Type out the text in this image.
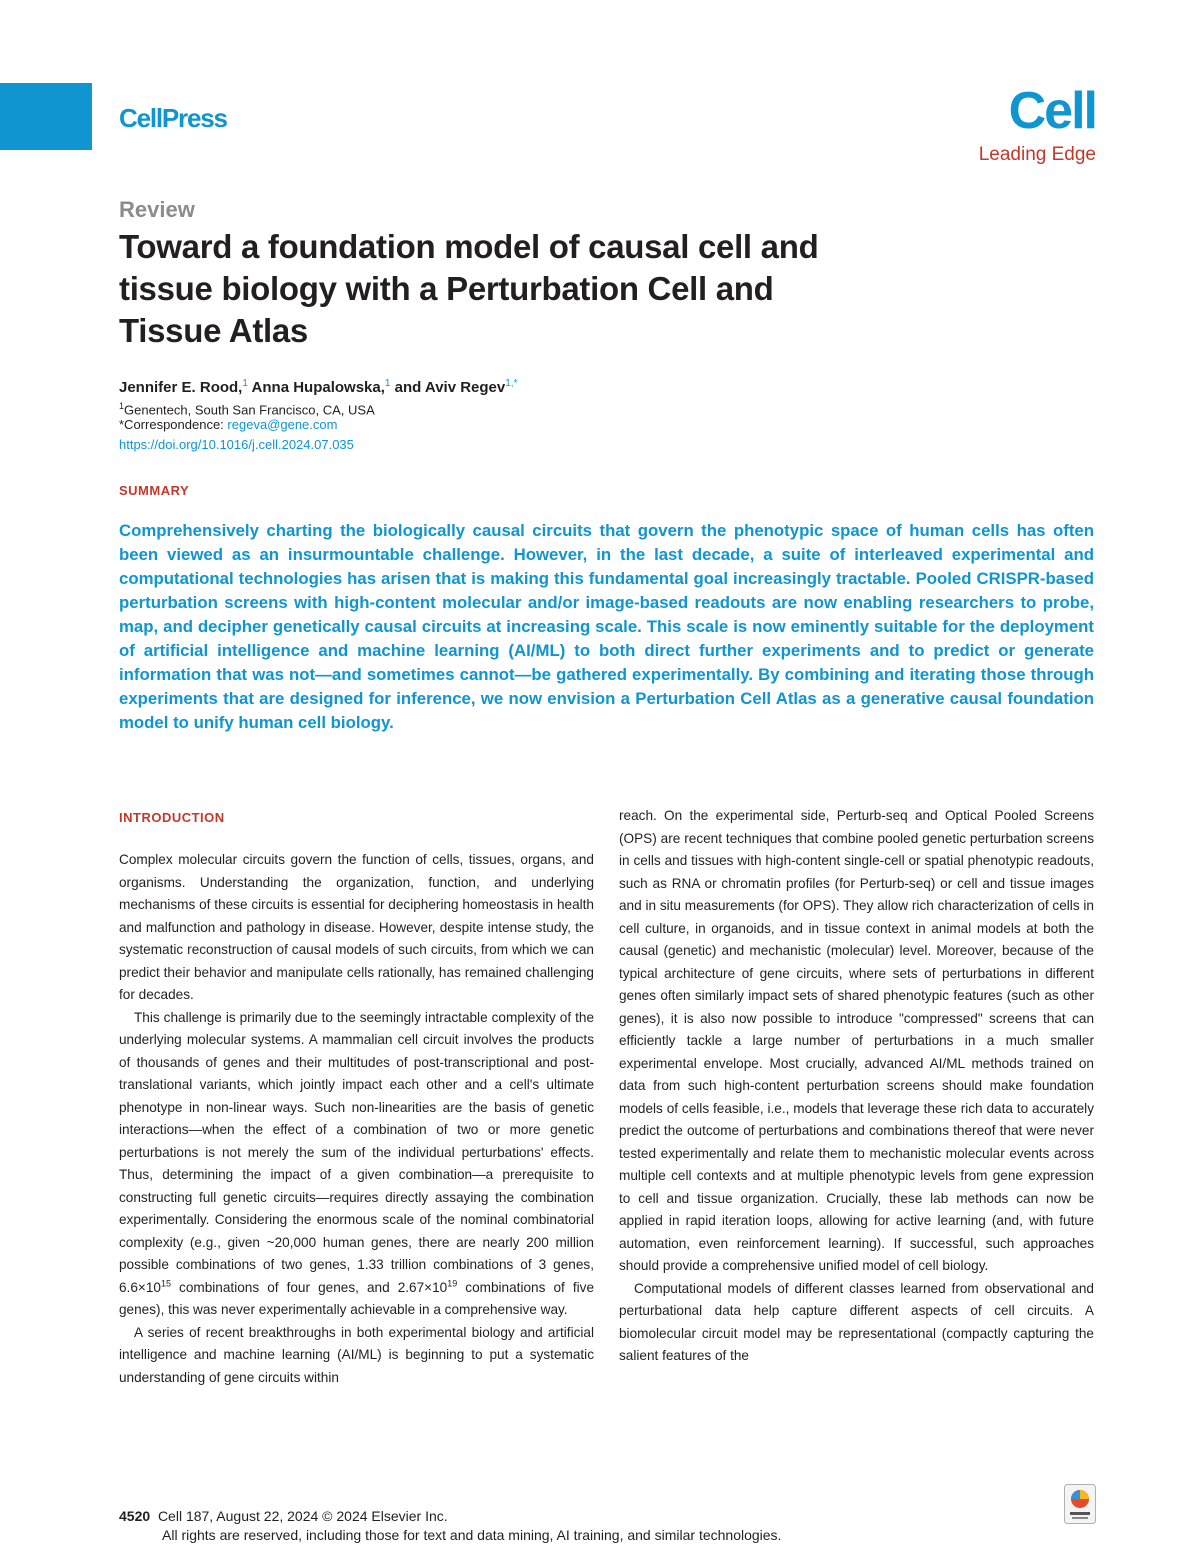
CellPress	Cell
Leading Edge
Review
Toward a foundation model of causal cell and tissue biology with a Perturbation Cell and Tissue Atlas
Jennifer E. Rood,$^1$ Anna Hupalowska,$^1$ and Aviv Regev$^{1,*}$
$^1$Genentech, South San Francisco, CA, USA
*Correspondence: regeva@gene.com
https://doi.org/10.1016/j.cell.2024.07.035
SUMMARY

Comprehensively charting the biologically causal circuits that govern the phenotypic space of human cells has often been viewed as an insurmountable challenge. However, in the last decade, a suite of interleaved experimental and computational technologies has arisen that is making this fundamental goal increasingly tractable. Pooled CRISPR-based perturbation screens with high-content molecular and/or image-based readouts are now enabling researchers to probe, map, and decipher genetically causal circuits at increasing scale. This scale is now eminently suitable for the deployment of artificial intelligence and machine learning (AI/ML) to both direct further experiments and to predict or generate information that was not—and sometimes cannot—be gathered experimentally. By combining and iterating those through experiments that are designed for inference, we now envision a Perturbation Cell Atlas as a generative causal foundation model to unify human cell biology.

INTRODUCTION

Complex molecular circuits govern the function of cells, tissues, organs, and organisms. Understanding the organization, function, and underlying mechanisms of these circuits is essential for deciphering homeostasis in health and malfunction and pathology in disease. However, despite intense study, the systematic reconstruction of causal models of such circuits, from which we can predict their behavior and manipulate cells rationally, has remained challenging for decades.

This challenge is primarily due to the seemingly intractable complexity of the underlying molecular systems. A mammalian cell circuit involves the products of thousands of genes and their multitudes of post-transcriptional and post-translational variants, which jointly impact each other and a cell's ultimate phenotype in non-linear ways. Such non-linearities are the basis of genetic interactions—when the effect of a combination of two or more genetic perturbations is not merely the sum of the individual perturbations' effects. Thus, determining the impact of a given combination—a prerequisite to constructing full genetic circuits—requires directly assaying the combination experimentally. Considering the enormous scale of the nominal combinatorial complexity (e.g., given ~20,000 human genes, there are nearly 200 million possible combinations of two genes, 1.33 trillion combinations of 3 genes, $6.6\times 10^{15}$ combinations of four genes, and $2.67\times 10^{19}$ combinations of five genes), this was never experimentally achievable in a comprehensive way.

A series of recent breakthroughs in both experimental biology and artificial intelligence and machine learning (AI/ML) is beginning to put a systematic understanding of gene circuits within

reach. On the experimental side, Perturb-seq and Optical Pooled Screens (OPS) are recent techniques that combine pooled genetic perturbation screens in cells and tissues with high-content single-cell or spatial phenotypic readouts, such as RNA or chromatin profiles (for Perturb-seq) or cell and tissue images and in situ measurements (for OPS). They allow rich characterization of cells in cell culture, in organoids, and in tissue context in animal models at both the causal (genetic) and mechanistic (molecular) level. Moreover, because of the typical architecture of gene circuits, where sets of perturbations in different genes often similarly impact sets of shared phenotypic features (such as other genes), it is also now possible to introduce "compressed" screens that can efficiently tackle a large number of perturbations in a much smaller experimental envelope. Most crucially, advanced AI/ML methods trained on data from such high-content perturbation screens should make foundation models of cells feasible, i.e., models that leverage these rich data to accurately predict the outcome of perturbations and combinations thereof that were never tested experimentally and relate them to mechanistic molecular events across multiple cell contexts and at multiple phenotypic levels from gene expression to cell and tissue organization. Crucially, these lab methods can now be applied in rapid iteration loops, allowing for active learning (and, with future automation, even reinforcement learning). If successful, such approaches should provide a comprehensive unified model of cell biology.

Computational models of different classes learned from observational and perturbational data help capture different aspects of cell circuits. A biomolecular circuit model may be representational (compactly capturing the salient features of the

4520 Cell 187, August 22, 2024 © 2024 Elsevier Inc.
All rights are reserved, including those for text and data mining, AI training, and similar technologies.
